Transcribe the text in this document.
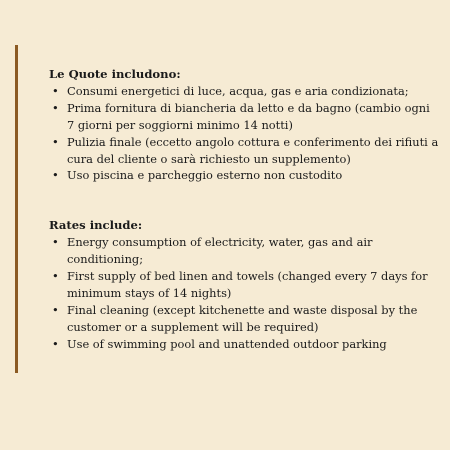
Le Quote includono:

• Consumi energetici di luce, acqua, gas e aria condizionata;
• Prima fornitura di biancheria da letto e da bagno (cambio ogni 7 giorni per soggiorni minimo 14 notti)
• Pulizia finale (eccetto angolo cottura e conferimento dei rifiuti a cura del cliente o sarà richiesto un supplemento)
• Uso piscina e parcheggio esterno non custodito

Rates include:

• Energy consumption of electricity, water, gas and air conditioning;
• First supply of bed linen and towels (changed every 7 days for minimum stays of 14 nights)
• Final cleaning (except kitchenette and waste disposal by the customer or a supplement will be required)
• Use of swimming pool and unattended outdoor parking
